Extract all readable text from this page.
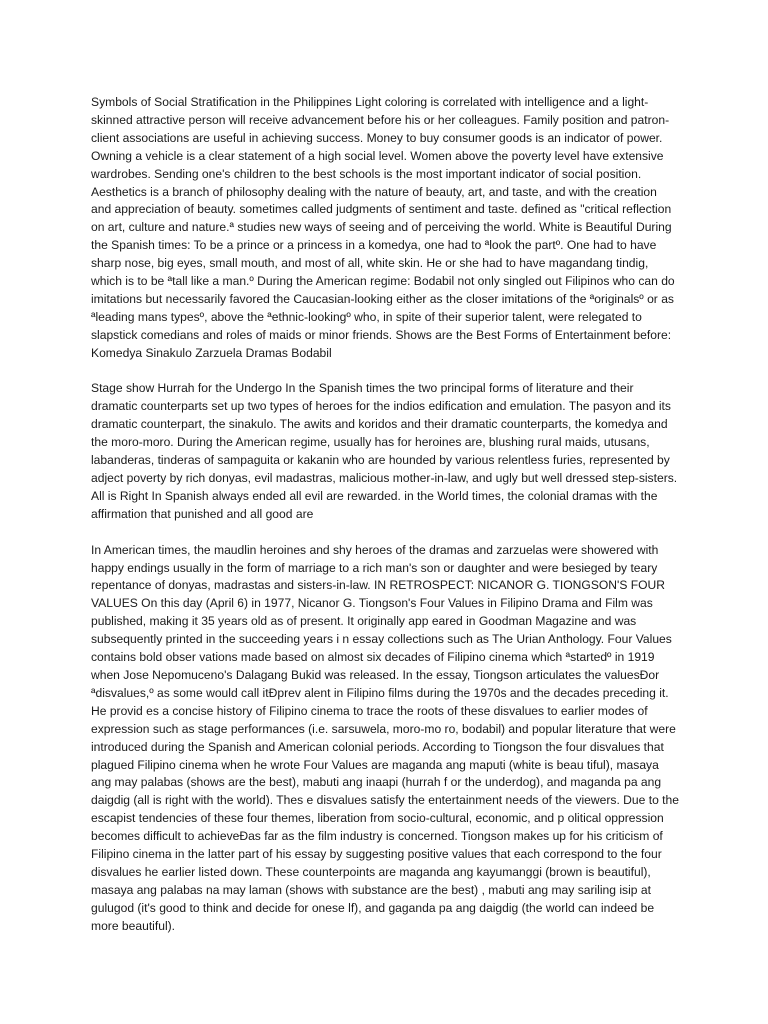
Symbols of Social Stratification in the Philippines Light coloring is correlated with intelligence and a light-skinned attractive person will receive advancement before his or her colleagues. Family position and patron-client associations are useful in achieving success. Money to buy consumer goods is an indicator of power. Owning a vehicle is a clear statement of a high social level. Women above the poverty level have extensive wardrobes. Sending one's children to the best schools is the most important indicator of social position. Aesthetics is a branch of philosophy dealing with the nature of beauty, art, and taste, and with the creation and appreciation of beauty. sometimes called judgments of sentiment and taste. defined as "critical reflection on art, culture and nature.ª studies new ways of seeing and of perceiving the world. White is Beautiful During the Spanish times: To be a prince or a princess in a komedya, one had to ªlook the partº. One had to have sharp nose, big eyes, small mouth, and most of all, white skin. He or she had to have magandang tindig, which is to be ªtall like a man.º During the American regime: Bodabil not only singled out Filipinos who can do imitations but necessarily favored the Caucasian-looking either as the closer imitations of the ªoriginalsº or as ªleading mans typesº, above the ªethnic-lookingº who, in spite of their superior talent, were relegated to slapstick comedians and roles of maids or minor friends. Shows are the Best Forms of Entertainment before: Komedya Sinakulo Zarzuela Dramas Bodabil

Stage show Hurrah for the Undergo In the Spanish times the two principal forms of literature and their dramatic counterparts set up two types of heroes for the indios edification and emulation. The pasyon and its dramatic counterpart, the sinakulo. The awits and koridos and their dramatic counterparts, the komedya and the moro-moro. During the American regime, usually has for heroines are, blushing rural maids, utusans, labanderas, tinderas of sampaguita or kakanin who are hounded by various relentless furies, represented by adject poverty by rich donyas, evil madastras, malicious mother-in-law, and ugly but well dressed step-sisters. All is Right In Spanish always ended all evil are rewarded. in the World times, the colonial dramas with the affirmation that punished and all good are

In American times, the maudlin heroines and shy heroes of the dramas and zarzuelas were showered with happy endings usually in the form of marriage to a rich man's son or daughter and were besieged by teary repentance of donyas, madrastas and sisters-in-law. IN RETROSPECT: NICANOR G. TIONGSON'S FOUR VALUES On this day (April 6) in 1977, Nicanor G. Tiongson's Four Values in Filipino Drama and Film was published, making it 35 years old as of present. It originally app eared in Goodman Magazine and was subsequently printed in the succeeding years i n essay collections such as The Urian Anthology. Four Values contains bold obser vations made based on almost six decades of Filipino cinema which ªstartedº in 1919 when Jose Nepomuceno's Dalagang Bukid was released. In the essay, Tiongson articulates the valuesÐor ªdisvalues,º as some would call itÐprev alent in Filipino films during the 1970s and the decades preceding it. He provid es a concise history of Filipino cinema to trace the roots of these disvalues to earlier modes of expression such as stage performances (i.e. sarsuwela, moro-mo ro, bodabil) and popular literature that were introduced during the Spanish and American colonial periods. According to Tiongson the four disvalues that plagued Filipino cinema when he wrote Four Values are maganda ang maputi (white is beau tiful), masaya ang may palabas (shows are the best), mabuti ang inaapi (hurrah f or the underdog), and maganda pa ang daigdig (all is right with the world). Thes e disvalues satisfy the entertainment needs of the viewers. Due to the escapist tendencies of these four themes, liberation from socio-cultural, economic, and p olitical oppression becomes difficult to achieveÐas far as the film industry is concerned. Tiongson makes up for his criticism of Filipino cinema in the latter part of his essay by suggesting positive values that each correspond to the four disvalues he earlier listed down. These counterpoints are maganda ang kayumanggi (brown is beautiful), masaya ang palabas na may laman (shows with substance are the best) , mabuti ang may sariling isip at gulugod (it's good to think and decide for onese lf), and gaganda pa ang daigdig (the world can indeed be more beautiful).
